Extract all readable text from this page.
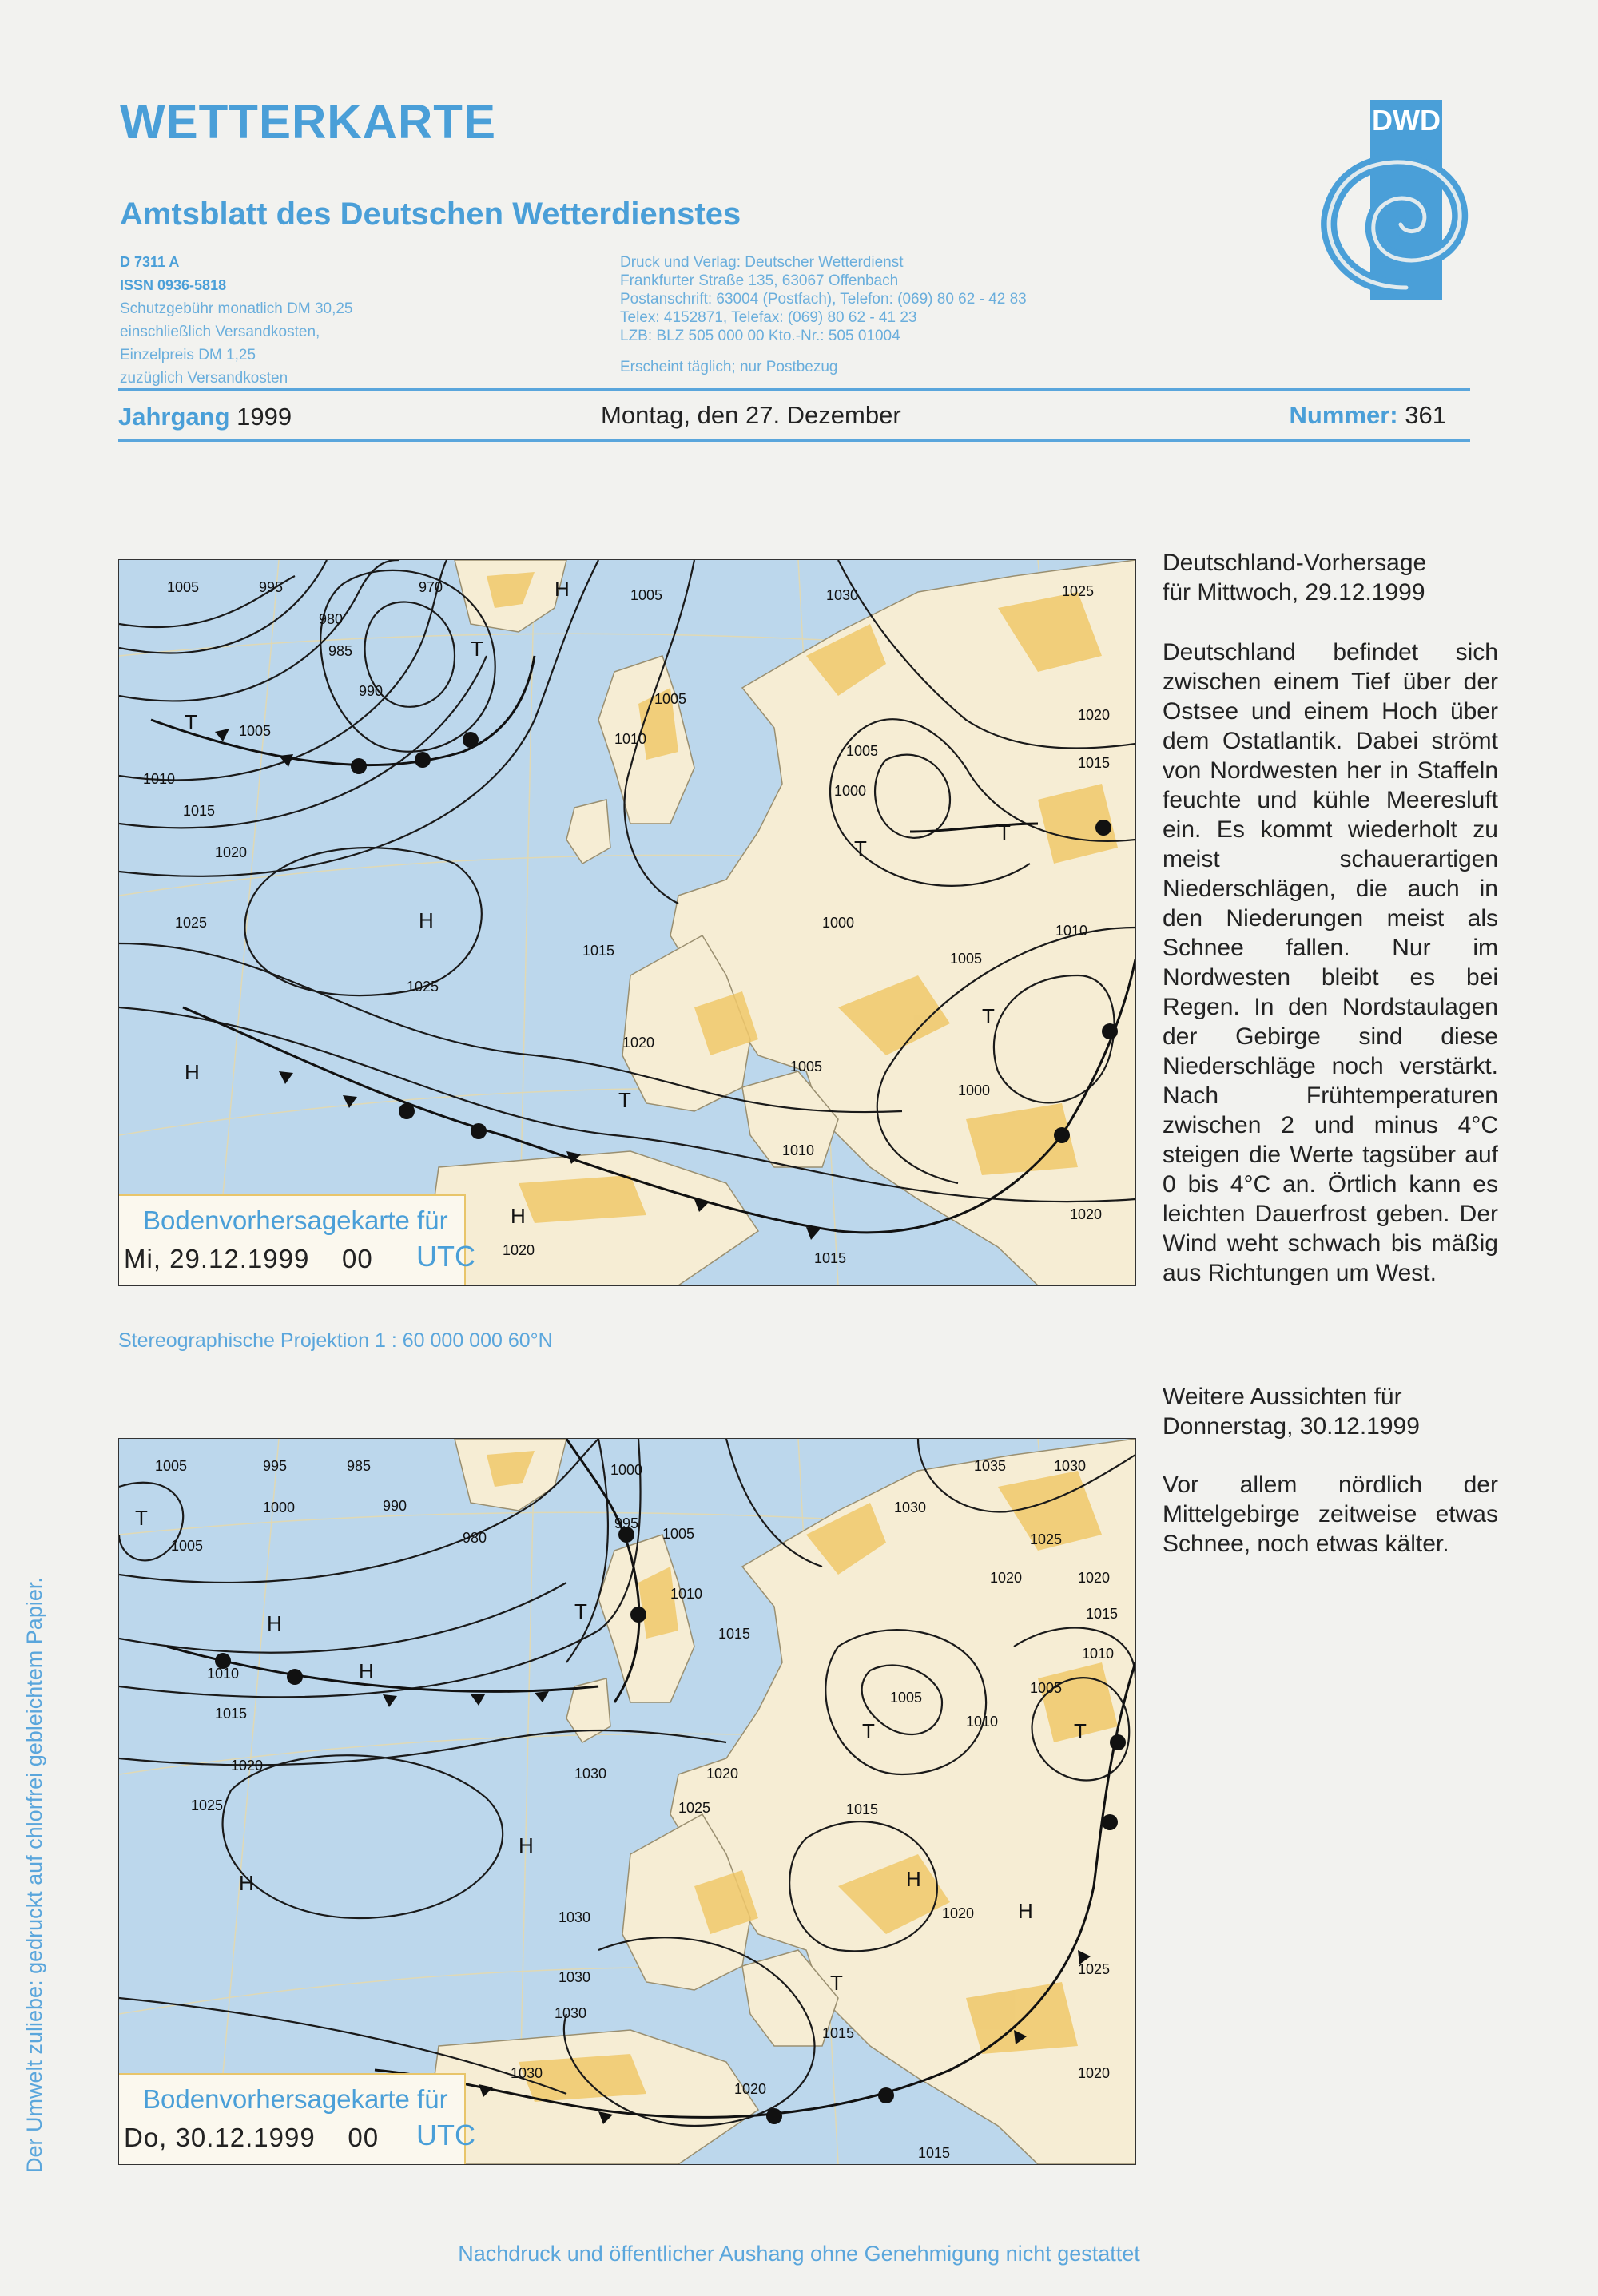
WETTERKARTE
Amtsblatt des Deutschen Wetterdienstes
D 7311 A
ISSN 0936-5818
Schutzgebühr monatlich DM 30,25
einschließlich Versandkosten,
Einzelpreis DM 1,25
zuzüglich Versandkosten
Druck und Verlag: Deutscher Wetterdienst
Frankfurter Straße 135, 63067 Offenbach
Postanschrift: 63004 (Postfach), Telefon: (069) 80 62 - 42 83
Telex: 4152871, Telefax: (069) 80 62 - 41 23
LZB: BLZ 505 000 00 Kto.-Nr.: 505 01004
Erscheint täglich; nur Postbezug
DWD
Jahrgang 1999	Montag, den 27. Dezember	Nummer: 361
1005	995
980
985
990
970
1005
1010
1015
1020
1025
1025
1005
1005
1010
1030	1025
1020
1015
1005
1000
1000	1010
1005
1000
1015
1020
1005
1010
1020
1015
1020
H
H
H
H
T
T
T
T
T
T
Bodenvorhersagekarte für
Mi, 29.12.1999 00 UTC
Stereographische Projektion 1 : 60 000 000 60°N
1005	995	985
990
980
1000
1005
1000
995
1005
1010
1015
1010
1015
1020
1025
1030	1020
1035	1030
1030
1025
1020
1015
1010
1005
1020
1005
1010
1015
1025
1020
1025
1015
1020
1015
1020
1030
1030
1030
1030
H
H
H
H	H
H
T
T
T	T
T
Bodenvorhersagekarte für
Do, 30.12.1999 00 UTC
Deutschland-Vorhersage
für Mittwoch, 29.12.1999
Deutschland befindet sich zwischen einem Tief über der Ostsee und einem Hoch über dem Ostatlantik. Dabei strömt von Nordwesten her in Staffeln feuchte und kühle Meeresluft ein. Es kommt wiederholt zu meist schauerartigen Niederschlägen, die auch in den Niederungen meist als Schnee fallen. Nur im Nordwesten bleibt es bei Regen. In den Nordstaulagen der Gebirge sind diese Niederschläge noch verstärkt. Nach Frühtemperaturen zwischen 2 und minus 4°C steigen die Werte tagsüber auf 0 bis 4°C an. Örtlich kann es leichten Dauerfrost geben. Der Wind weht schwach bis mäßig aus Richtungen um West.
Weitere Aussichten für
Donnerstag, 30.12.1999
Vor allem nördlich der Mittelgebirge zeitweise etwas Schnee, noch etwas kälter.
Der Umwelt zuliebe: gedruckt auf chlorfrei gebleichtem Papier.
Nachdruck und öffentlicher Aushang ohne Genehmigung nicht gestattet
